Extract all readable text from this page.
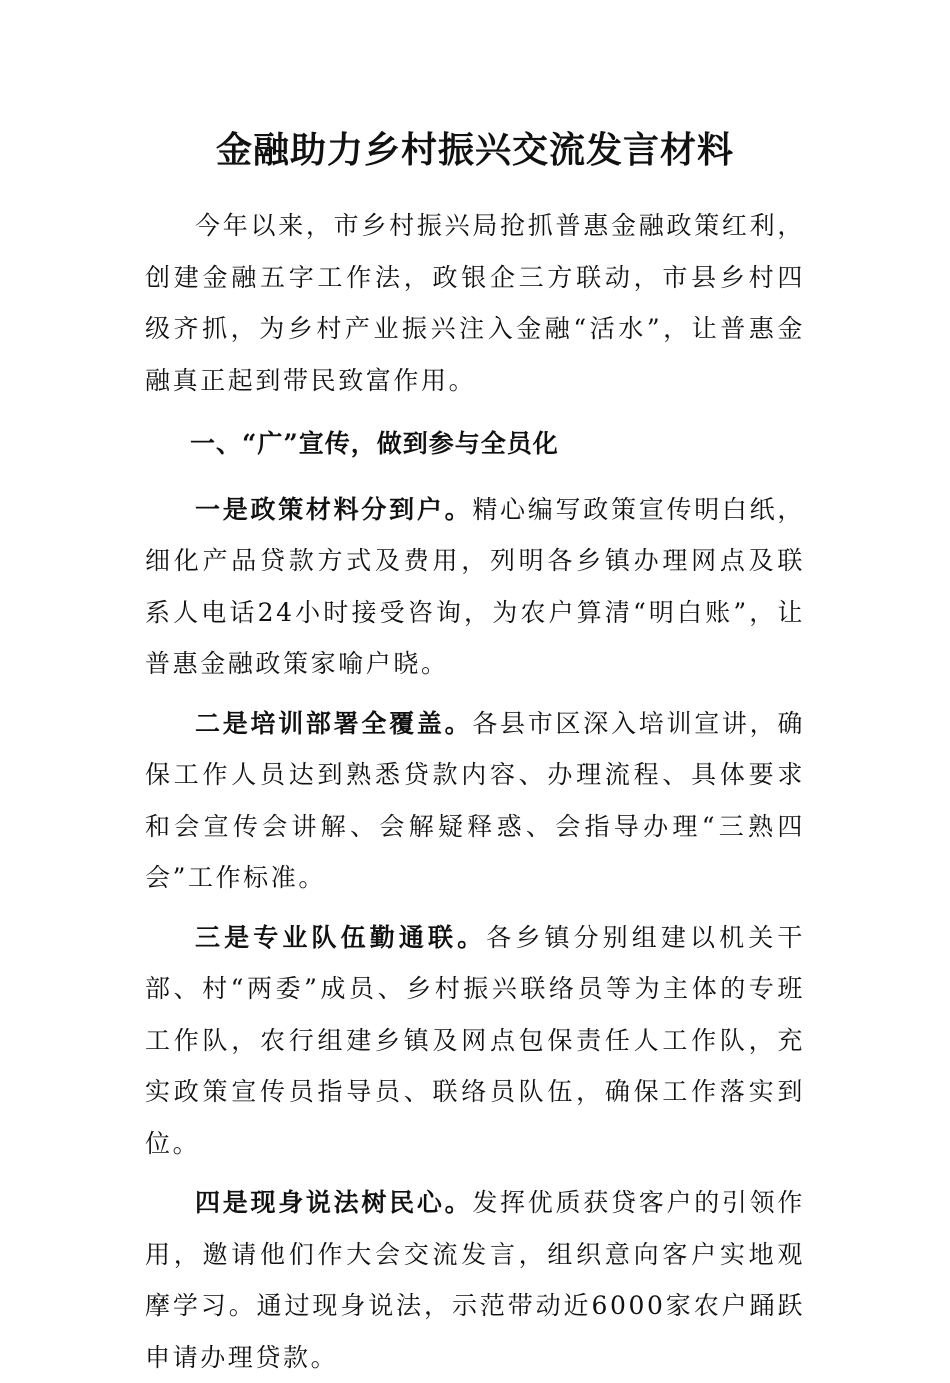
金融助力乡村振兴交流发言材料

今年以来，市乡村振兴局抢抓普惠金融政策红利，创建金融五字工作法，政银企三方联动，市县乡村四级齐抓，为乡村产业振兴注入金融“活水”，让普惠金融真正起到带民致富作用。

一、“广”宣传，做到参与全员化

一是政策材料分到户。精心编写政策宣传明白纸，细化产品贷款方式及费用，列明各乡镇办理网点及联系人电话24小时接受咨询，为农户算清“明白账”，让普惠金融政策家喻户晓。

二是培训部署全覆盖。各县市区深入培训宣讲，确保工作人员达到熟悉贷款内容、办理流程、具体要求和会宣传会讲解、会解疑释惑、会指导办理“三熟四会”工作标准。

三是专业队伍勤通联。各乡镇分别组建以机关干部、村“两委”成员、乡村振兴联络员等为主体的专班工作队，农行组建乡镇及网点包保责任人工作队，充实政策宣传员指导员、联络员队伍，确保工作落实到位。

四是现身说法树民心。发挥优质获贷客户的引领作用，邀请他们作大会交流发言，组织意向客户实地观摩学习。通过现身说法，示范带动近6000家农户踊跃申请办理贷款。
